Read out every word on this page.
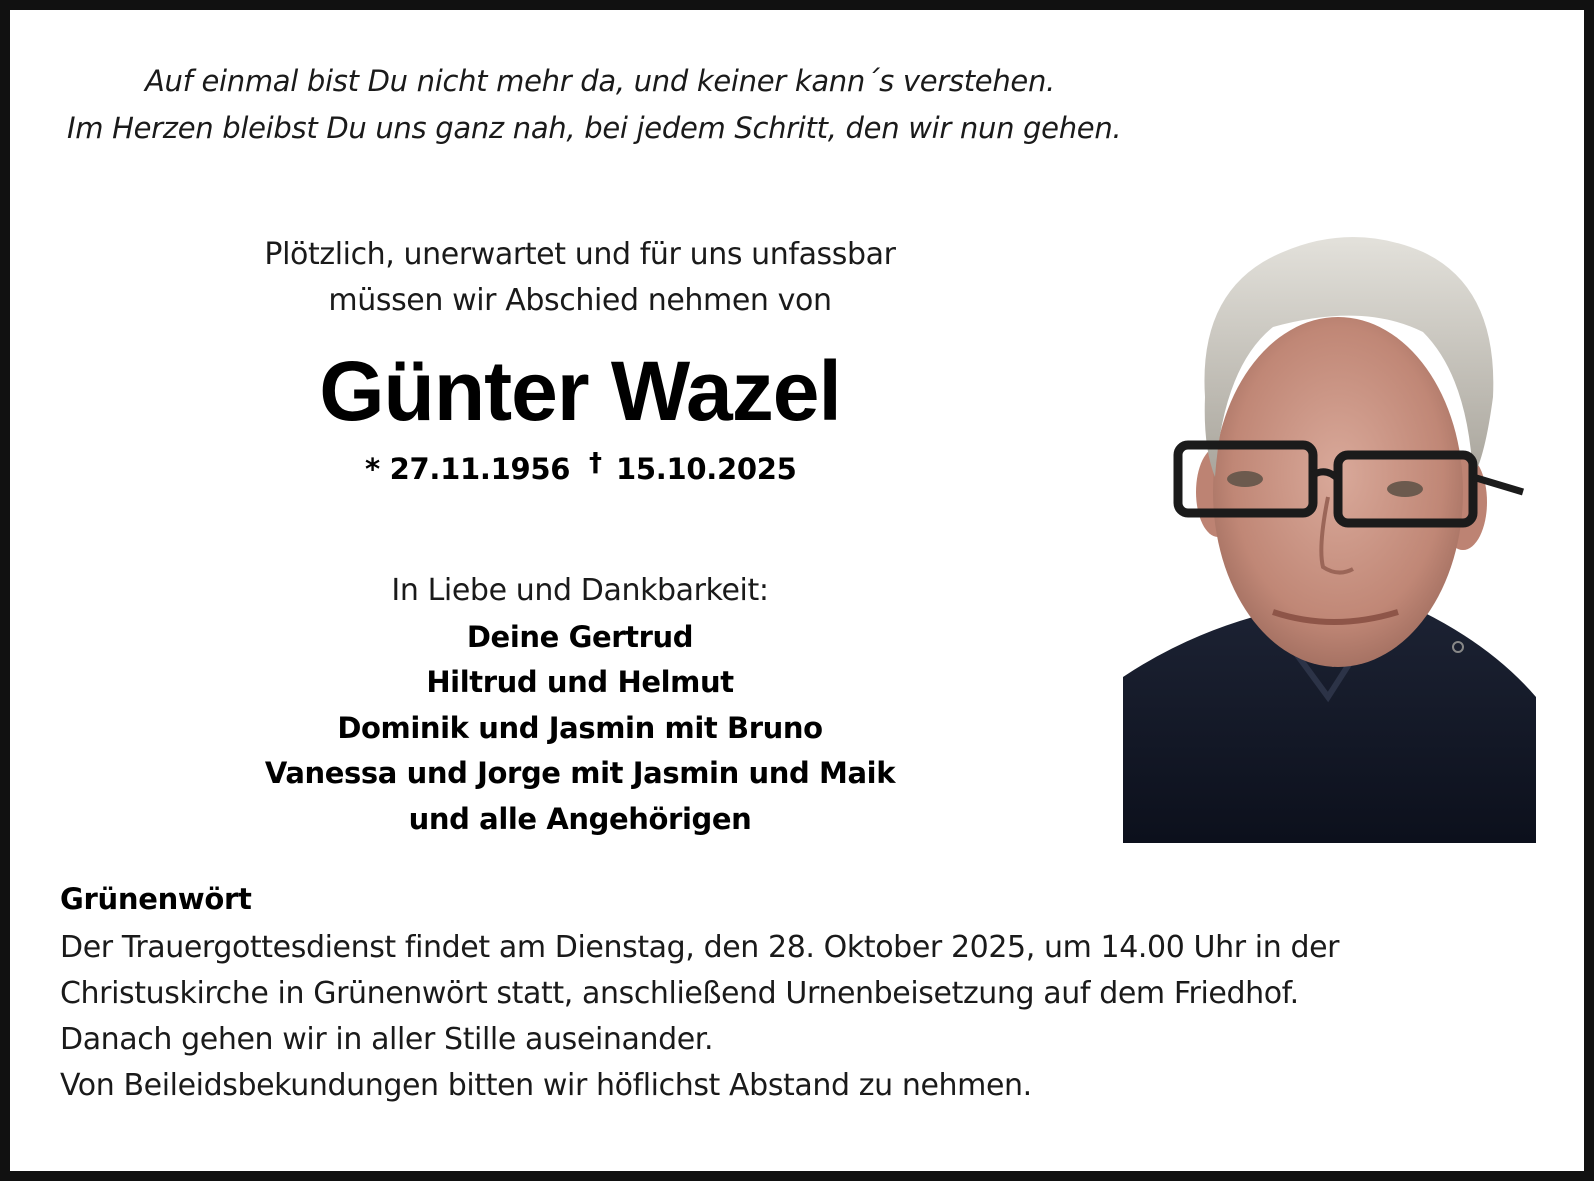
Auf einmal bist Du nicht mehr da, und keiner kann´s verstehen.
Im Herzen bleibst Du uns ganz nah, bei jedem Schritt, den wir nun gehen.
Plötzlich, unerwartet und für uns unfassbar
müssen wir Abschied nehmen von
Günter Wazel
* 27.11.1956 † 15.10.2025
In Liebe und Dankbarkeit:
Deine Gertrud
Hiltrud und Helmut
Dominik und Jasmin mit Bruno
Vanessa und Jorge mit Jasmin und Maik
und alle Angehörigen
Grünenwört
Der Trauergottesdienst findet am Dienstag, den 28. Oktober 2025, um 14.00 Uhr in der
Christuskirche in Grünenwört statt, anschließend Urnenbeisetzung auf dem Friedhof.
Danach gehen wir in aller Stille auseinander.
Von Beileidsbekundungen bitten wir höflichst Abstand zu nehmen.
